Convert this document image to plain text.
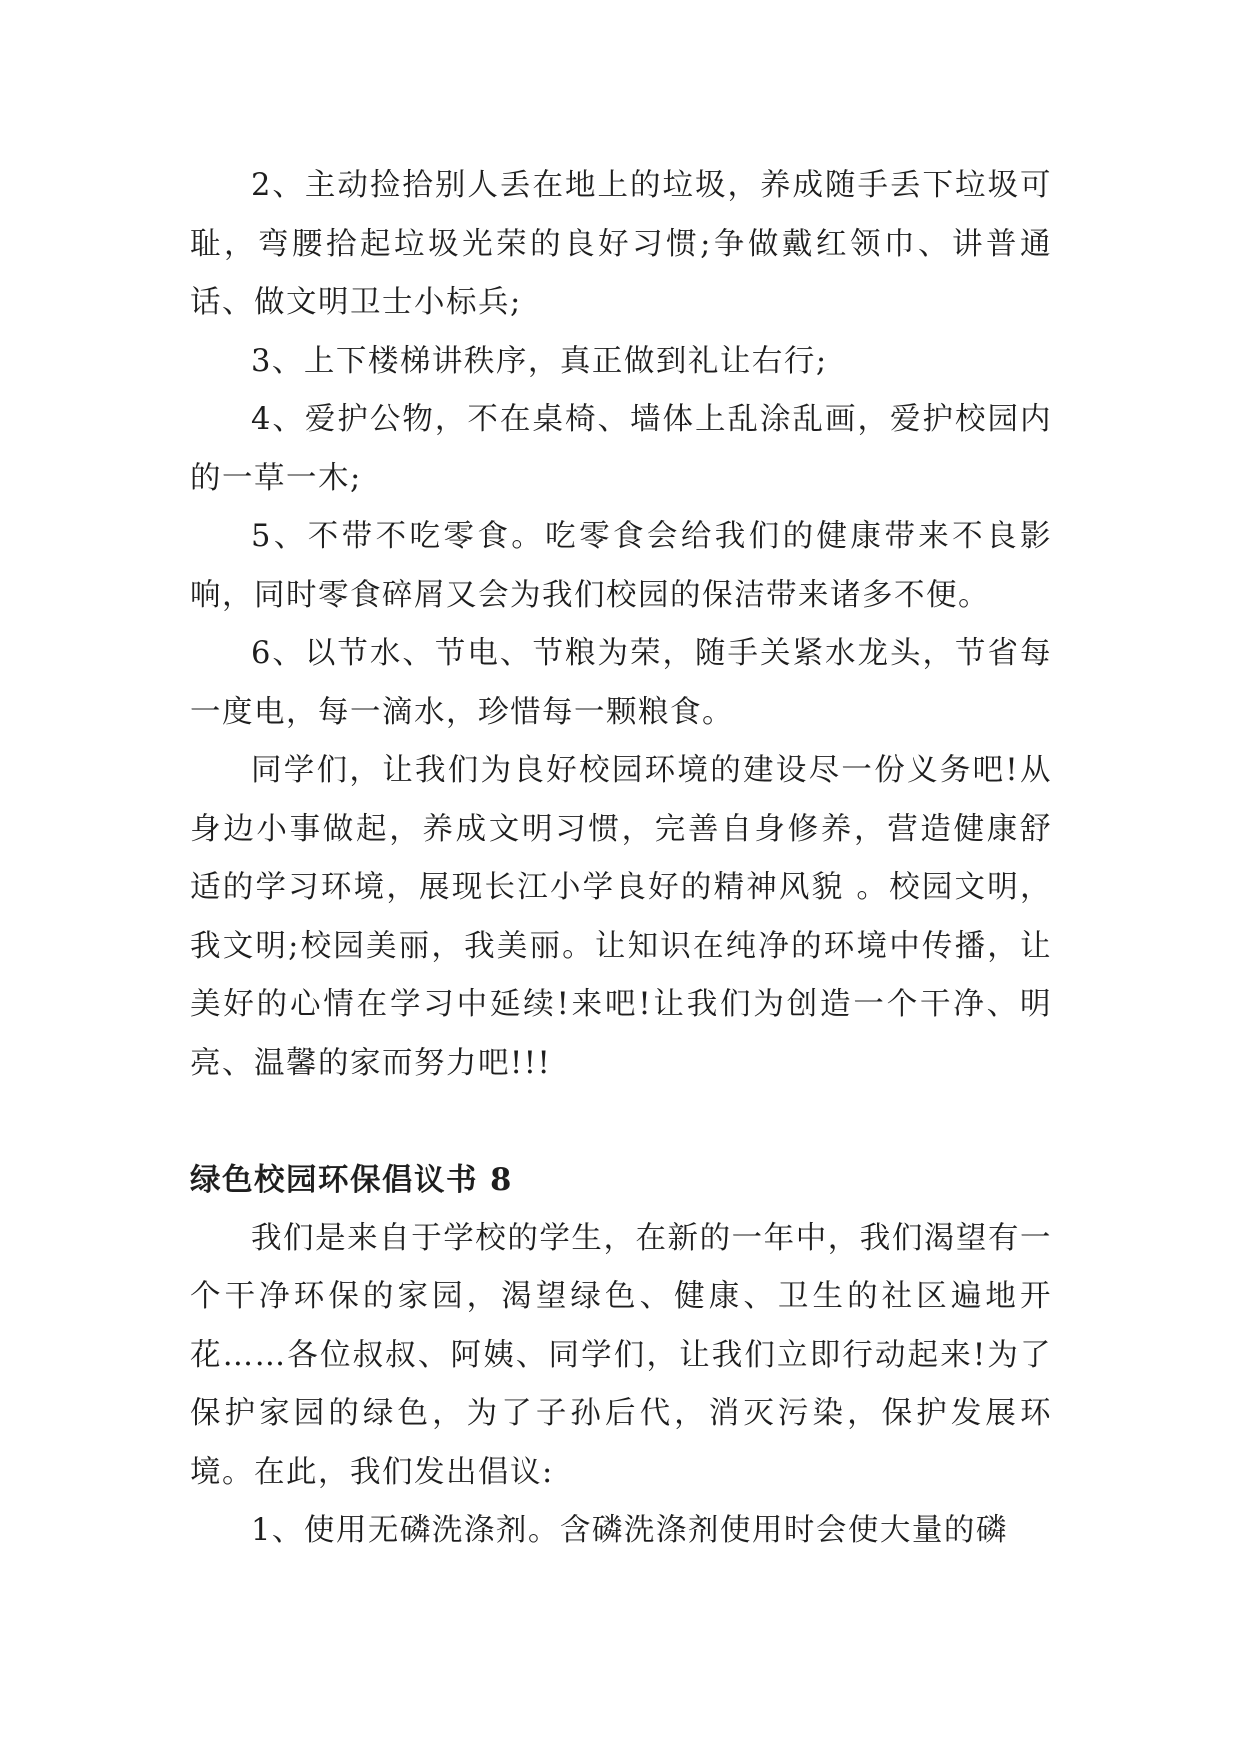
2、主动捡拾别人丢在地上的垃圾，养成随手丢下垃圾可耻，弯腰拾起垃圾光荣的良好习惯;争做戴红领巾、讲普通话、做文明卫士小标兵;

3、上下楼梯讲秩序，真正做到礼让右行;

4、爱护公物，不在桌椅、墙体上乱涂乱画，爱护校园内的一草一木;

5、不带不吃零食。吃零食会给我们的健康带来不良影响，同时零食碎屑又会为我们校园的保洁带来诸多不便。

6、以节水、节电、节粮为荣，随手关紧水龙头，节省每一度电，每一滴水，珍惜每一颗粮食。

同学们，让我们为良好校园环境的建设尽一份义务吧!从身边小事做起，养成文明习惯，完善自身修养，营造健康舒适的学习环境，展现长江小学良好的精神风貌 。校园文明，我文明;校园美丽，我美丽。让知识在纯净的环境中传播，让美好的心情在学习中延续!来吧!让我们为创造一个干净、明亮、温馨的家而努力吧!!!

绿色校园环保倡议书 8

我们是来自于学校的学生，在新的一年中，我们渴望有一个干净环保的家园，渴望绿色、健康、卫生的社区遍地开花……各位叔叔、阿姨、同学们，让我们立即行动起来!为了保护家园的绿色，为了子孙后代，消灭污染，保护发展环境。在此，我们发出倡议:

1、使用无磷洗涤剂。含磷洗涤剂使用时会使大量的磷
